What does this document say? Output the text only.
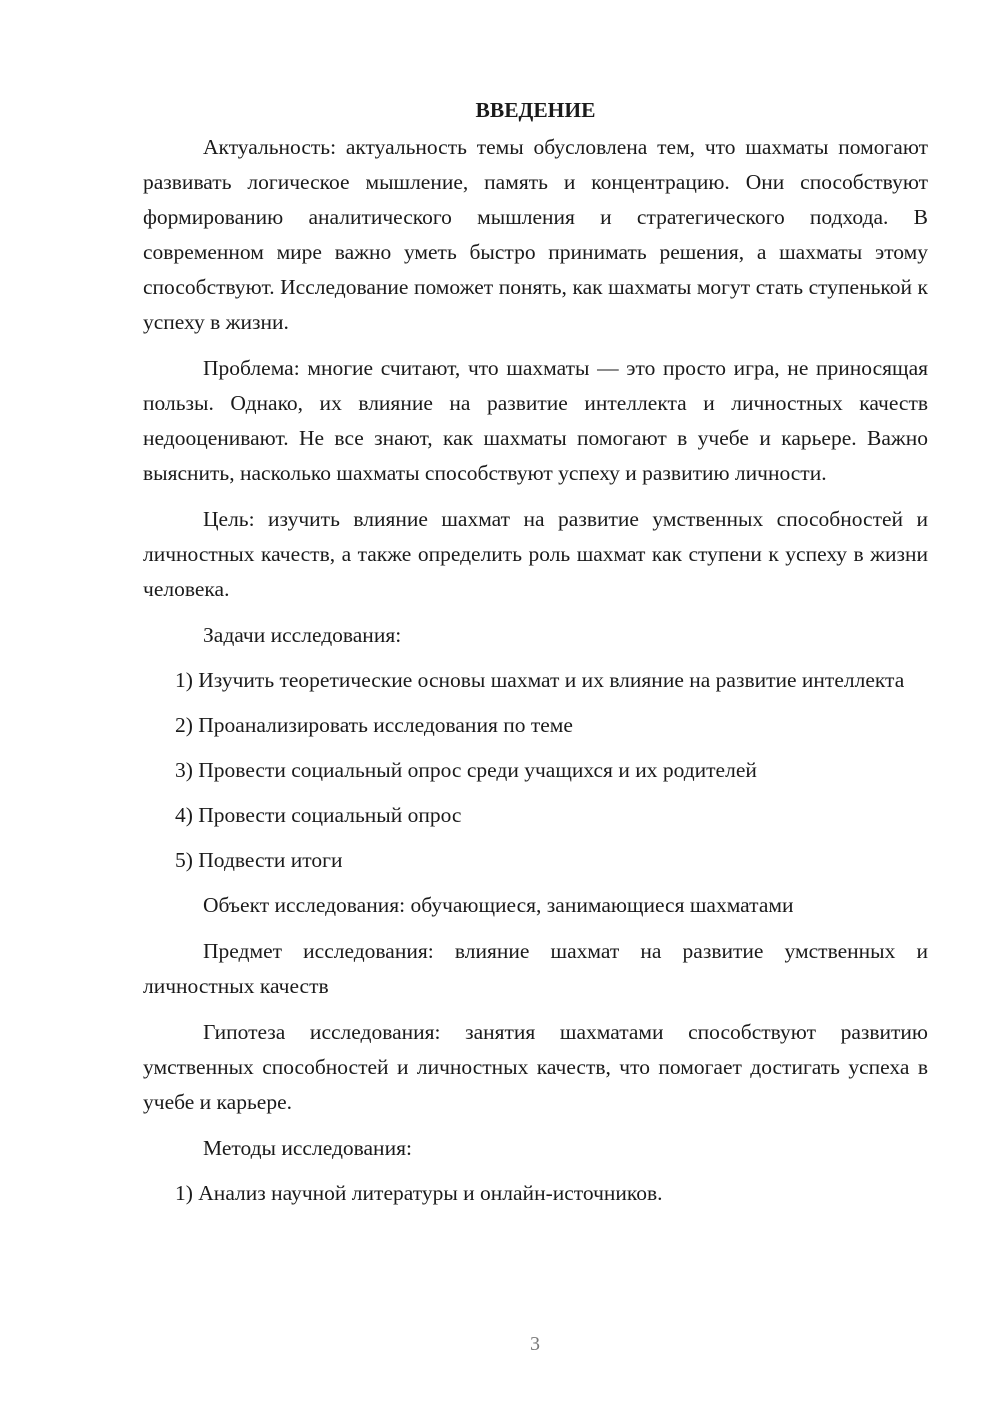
ВВЕДЕНИЕ

Актуальность: актуальность темы обусловлена тем, что шахматы помогают развивать логическое мышление, память и концентрацию. Они способствуют формированию аналитического мышления и стратегического подхода. В современном мире важно уметь быстро принимать решения, а шахматы этому способствуют. Исследование поможет понять, как шахматы могут стать ступенькой к успеху в жизни.

Проблема: многие считают, что шахматы — это просто игра, не приносящая пользы. Однако, их влияние на развитие интеллекта и личностных качеств недооценивают. Не все знают, как шахматы помогают в учебе и карьере. Важно выяснить, насколько шахматы способствуют успеху и развитию личности.

Цель: изучить влияние шахмат на развитие умственных способностей и личностных качеств, а также определить роль шахмат как ступени к успеху в жизни человека.

Задачи исследования:

1) Изучить теоретические основы шахмат и их влияние на развитие интеллекта

2) Проанализировать исследования по теме

3) Провести социальный опрос среди учащихся и их родителей

4) Провести социальный опрос

5) Подвести итоги

Объект исследования: обучающиеся, занимающиеся шахматами

Предмет исследования: влияние шахмат на развитие умственных и личностных качеств

Гипотеза исследования: занятия шахматами способствуют развитию умственных способностей и личностных качеств, что помогает достигать успеха в учебе и карьере.

Методы исследования:

1) Анализ научной литературы и онлайн-источников.

3
